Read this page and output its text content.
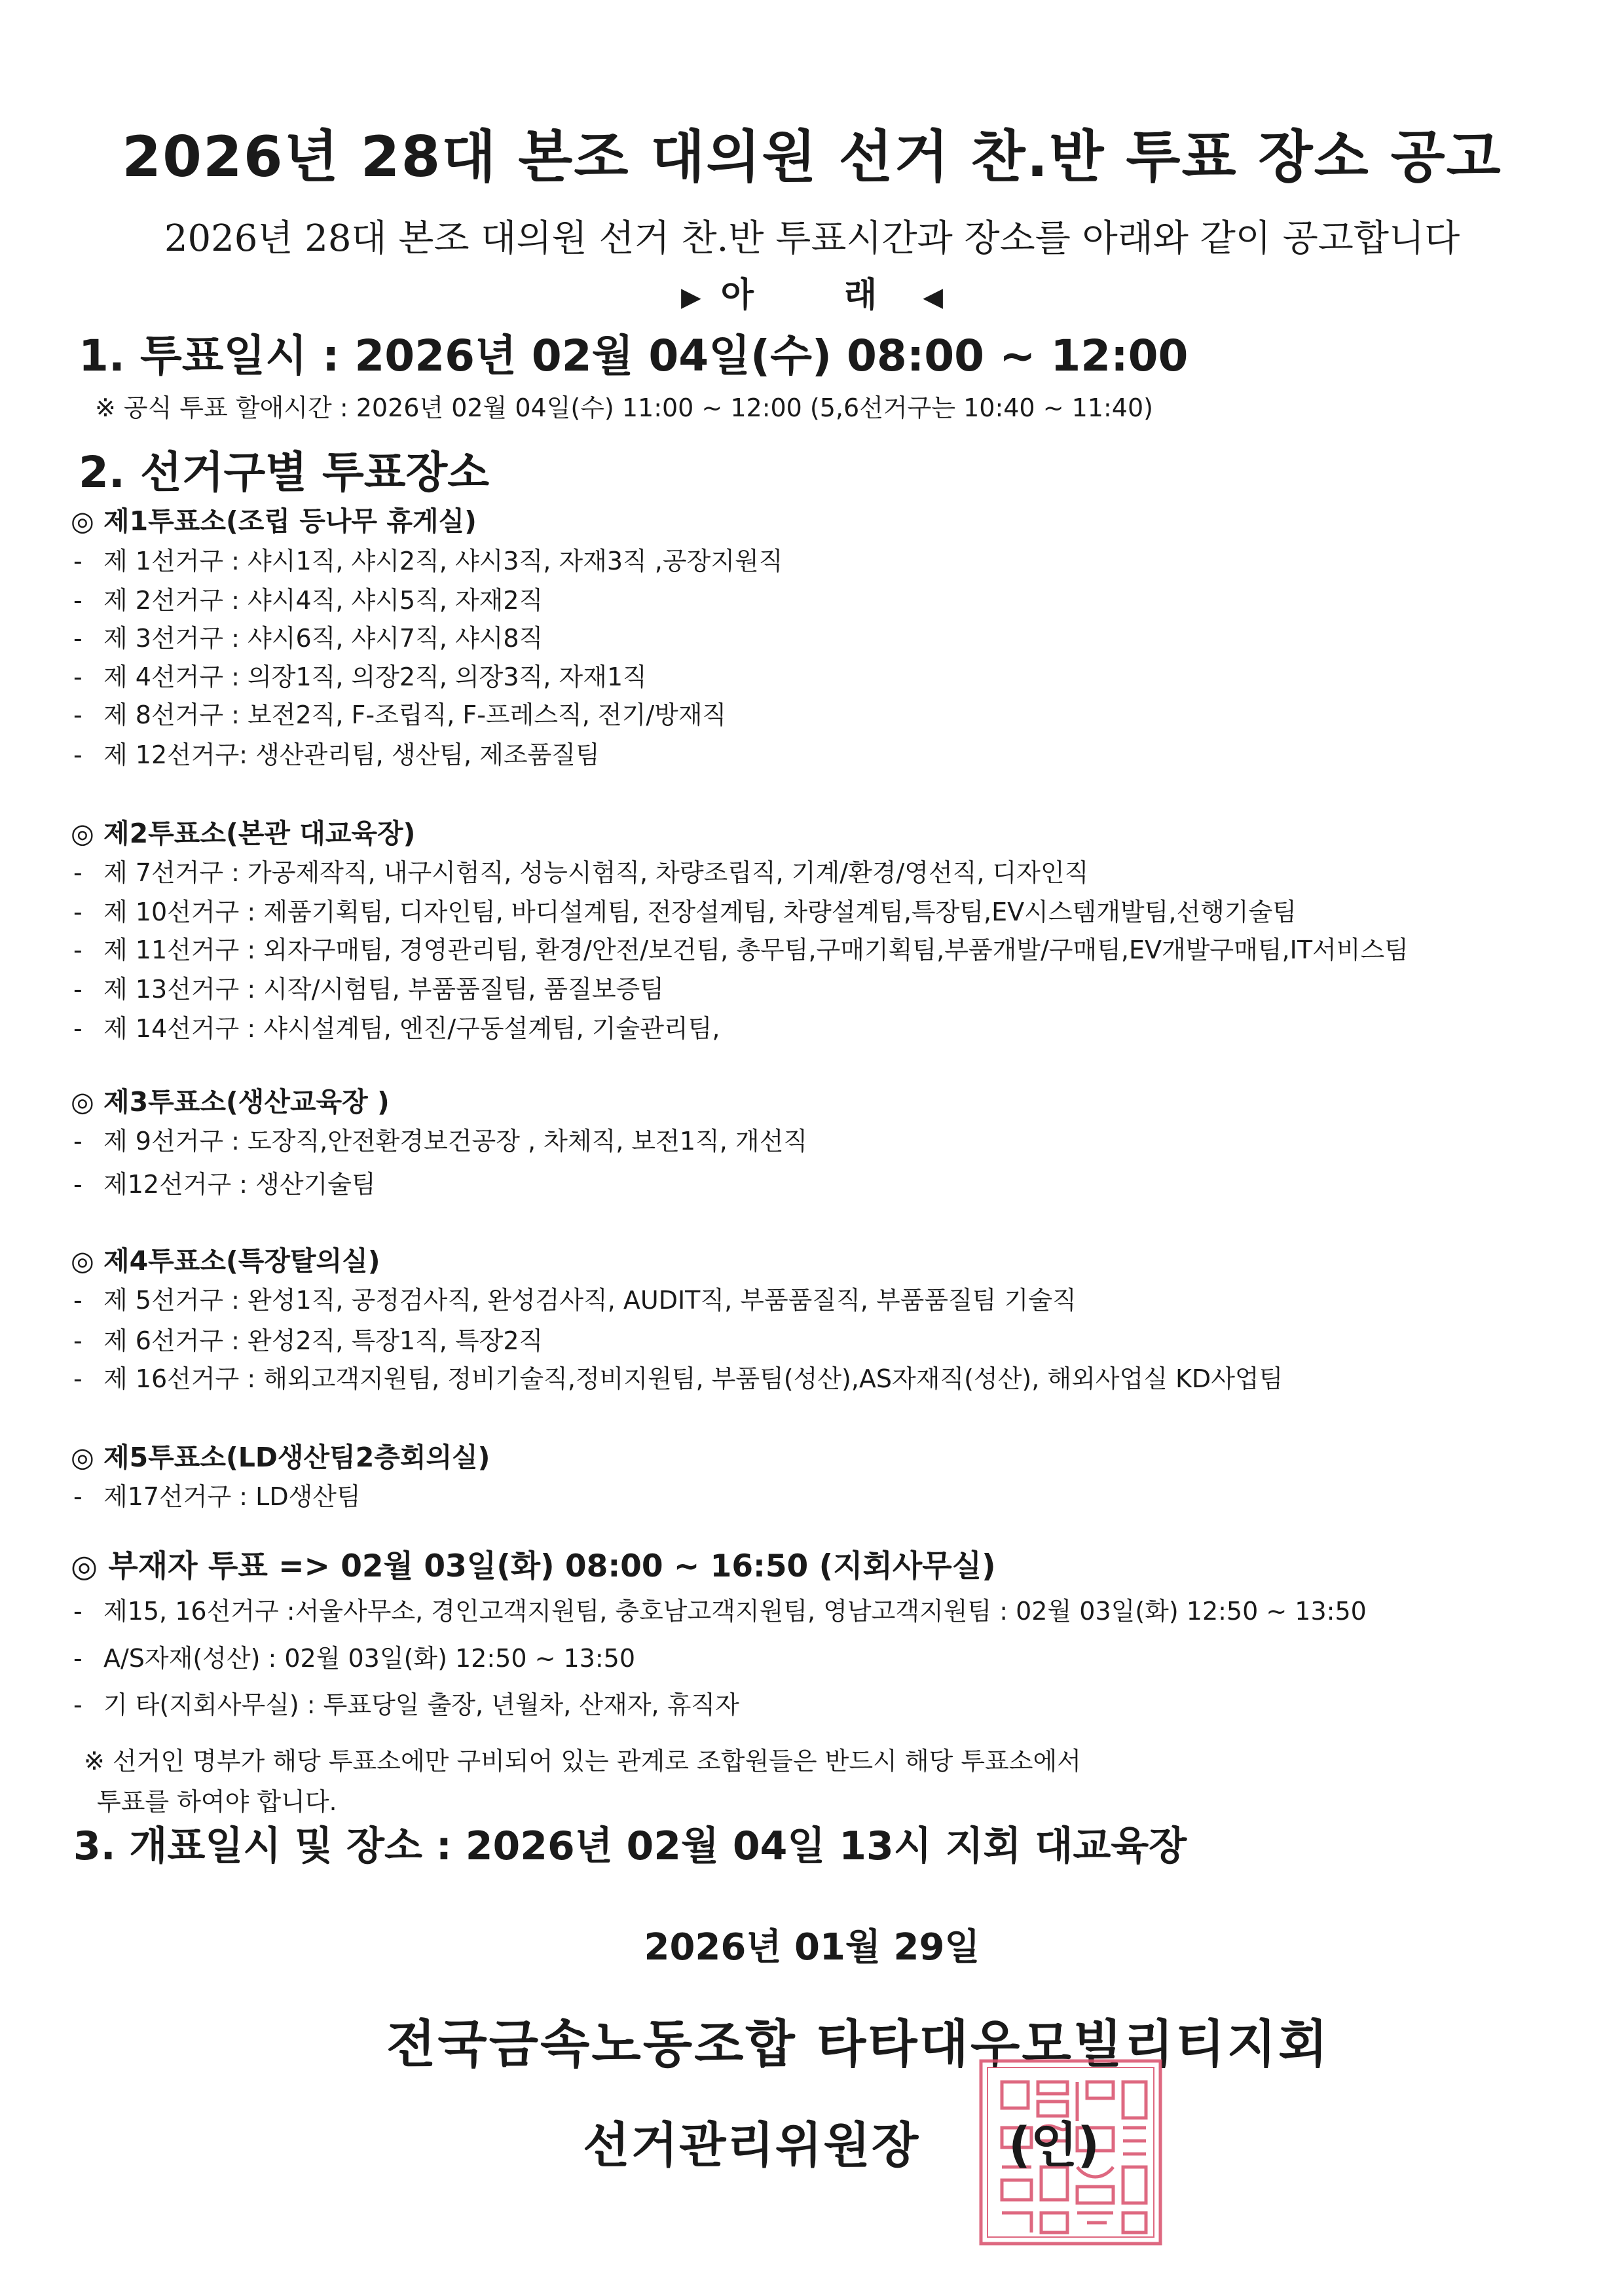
2026년 28대 본조 대의원 선거 찬.반 투표 장소 공고
2026년 28대 본조 대의원 선거 찬.반 투표시간과 장소를 아래와 같이 공고합니다
▶ 아 래 ◀
1. 투표일시 : 2026년 02월 04일(수) 08:00 ~ 12:00
※ 공식 투표 할애시간 : 2026년 02월 04일(수) 11:00 ~ 12:00 (5,6선거구는 10:40 ~ 11:40)
2. 선거구별 투표장소
◎ 제1투표소(조립 등나무 휴게실)
- 제 1선거구 : 샤시1직, 샤시2직, 샤시3직, 자재3직 ,공장지원직
- 제 2선거구 : 샤시4직, 샤시5직, 자재2직
- 제 3선거구 : 샤시6직, 샤시7직, 샤시8직
- 제 4선거구 : 의장1직, 의장2직, 의장3직, 자재1직
- 제 8선거구 : 보전2직, F-조립직, F-프레스직, 전기/방재직
- 제 12선거구: 생산관리팀, 생산팀, 제조품질팀
◎ 제2투표소(본관 대교육장)
- 제 7선거구 : 가공제작직, 내구시험직, 성능시험직, 차량조립직, 기계/환경/영선직, 디자인직
- 제 10선거구 : 제품기획팀, 디자인팀, 바디설계팀, 전장설계팀, 차량설계팀,특장팀,EV시스템개발팀,선행기술팀
- 제 11선거구 : 외자구매팀, 경영관리팀, 환경/안전/보건팀, 총무팀,구매기획팀,부품개발/구매팀,EV개발구매팀,IT서비스팀
- 제 13선거구 : 시작/시험팀, 부품품질팀, 품질보증팀
- 제 14선거구 : 샤시설계팀, 엔진/구동설계팀, 기술관리팀,
◎ 제3투표소(생산교육장 )
- 제 9선거구 : 도장직,안전환경보건공장 , 차체직, 보전1직, 개선직
- 제12선거구 : 생산기술팀
◎ 제4투표소(특장탈의실)
- 제 5선거구 : 완성1직, 공정검사직, 완성검사직, AUDIT직, 부품품질직, 부품품질팀 기술직
- 제 6선거구 : 완성2직, 특장1직, 특장2직
- 제 16선거구 : 해외고객지원팀, 정비기술직,정비지원팀, 부품팀(성산),AS자재직(성산), 해외사업실 KD사업팀
◎ 제5투표소(LD생산팀2층회의실)
- 제17선거구 : LD생산팀
◎ 부재자 투표 => 02월 03일(화) 08:00 ~ 16:50 (지회사무실)
- 제15, 16선거구 :서울사무소, 경인고객지원팀, 충호남고객지원팀, 영남고객지원팀 : 02월 03일(화) 12:50 ~ 13:50
- A/S자재(성산) : 02월 03일(화) 12:50 ~ 13:50
- 기 타(지회사무실) : 투표당일 출장, 년월차, 산재자, 휴직자
※ 선거인 명부가 해당 투표소에만 구비되어 있는 관계로 조합원들은 반드시 해당 투표소에서
투표를 하여야 합니다.
3. 개표일시 및 장소 : 2026년 02월 04일 13시 지회 대교육장
2026년 01월 29일
전국금속노동조합 타타대우모빌리티지회
선거관리위원장 (인)
